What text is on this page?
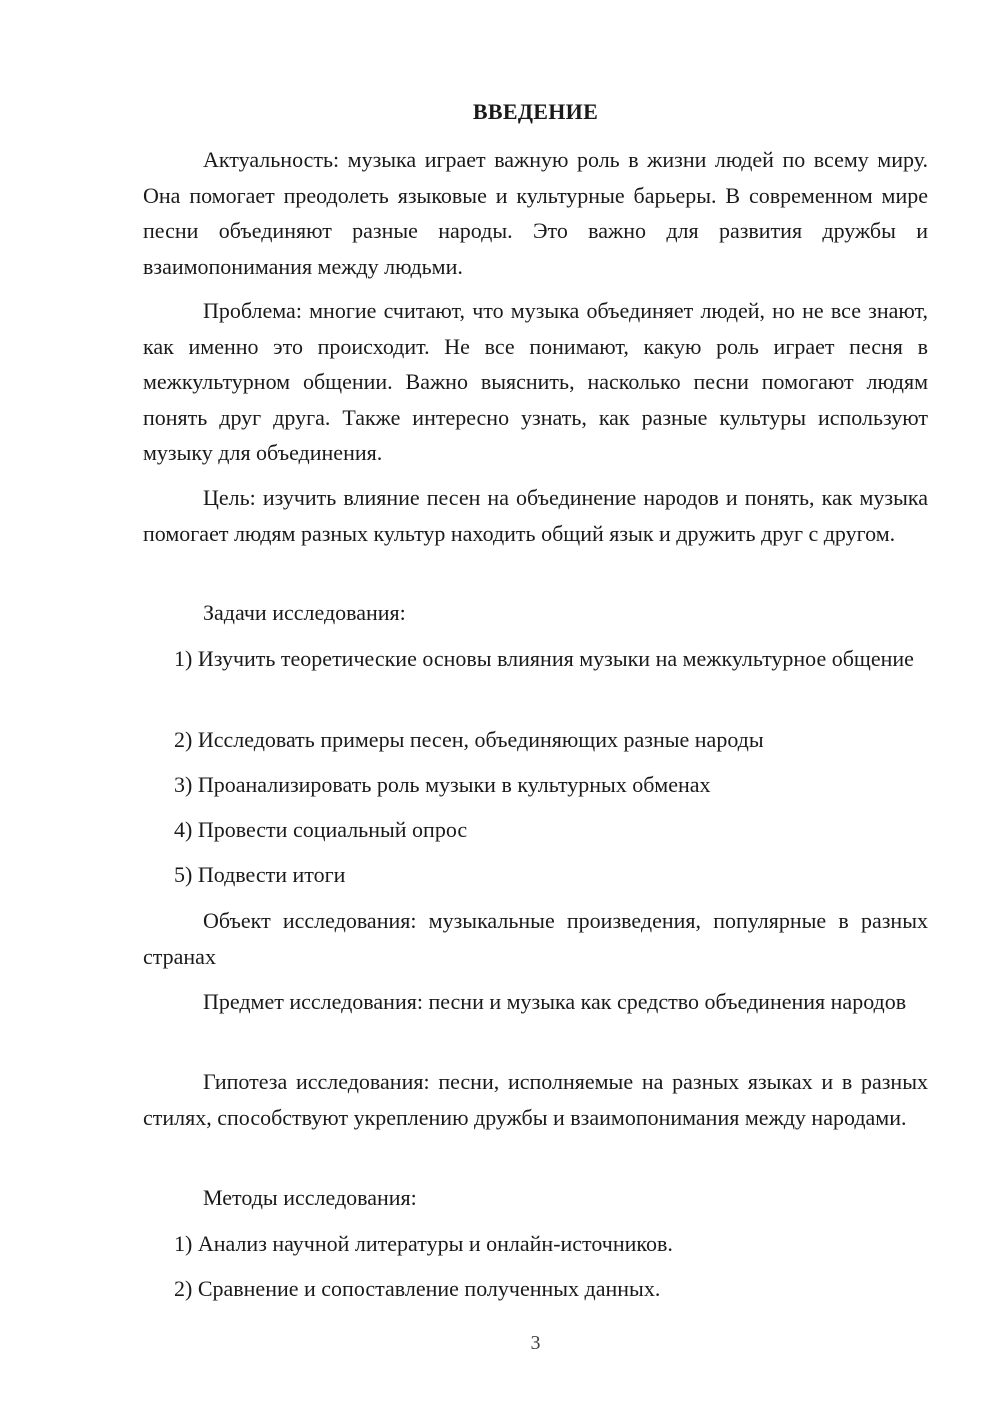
ВВЕДЕНИЕ

Актуальность: музыка играет важную роль в жизни людей по всему миру. Она помогает преодолеть языковые и культурные барьеры. В современном мире песни объединяют разные народы. Это важно для развития дружбы и взаимопонимания между людьми.

Проблема: многие считают, что музыка объединяет людей, но не все знают, как именно это происходит. Не все понимают, какую роль играет песня в межкультурном общении. Важно выяснить, насколько песни помогают людям понять друг друга. Также интересно узнать, как разные культуры используют музыку для объединения.

Цель: изучить влияние песен на объединение народов и понять, как музыка помогает людям разных культур находить общий язык и дружить друг с другом.

Задачи исследования:

1) Изучить теоретические основы влияния музыки на межкультурное общение

2) Исследовать примеры песен, объединяющих разные народы

3) Проанализировать роль музыки в культурных обменах

4) Провести социальный опрос

5) Подвести итоги

Объект исследования: музыкальные произведения, популярные в разных странах

Предмет исследования: песни и музыка как средство объединения народов

Гипотеза исследования: песни, исполняемые на разных языках и в разных стилях, способствуют укреплению дружбы и взаимопонимания между народами.

Методы исследования:

1) Анализ научной литературы и онлайн-источников.

2) Сравнение и сопоставление полученных данных.

3
